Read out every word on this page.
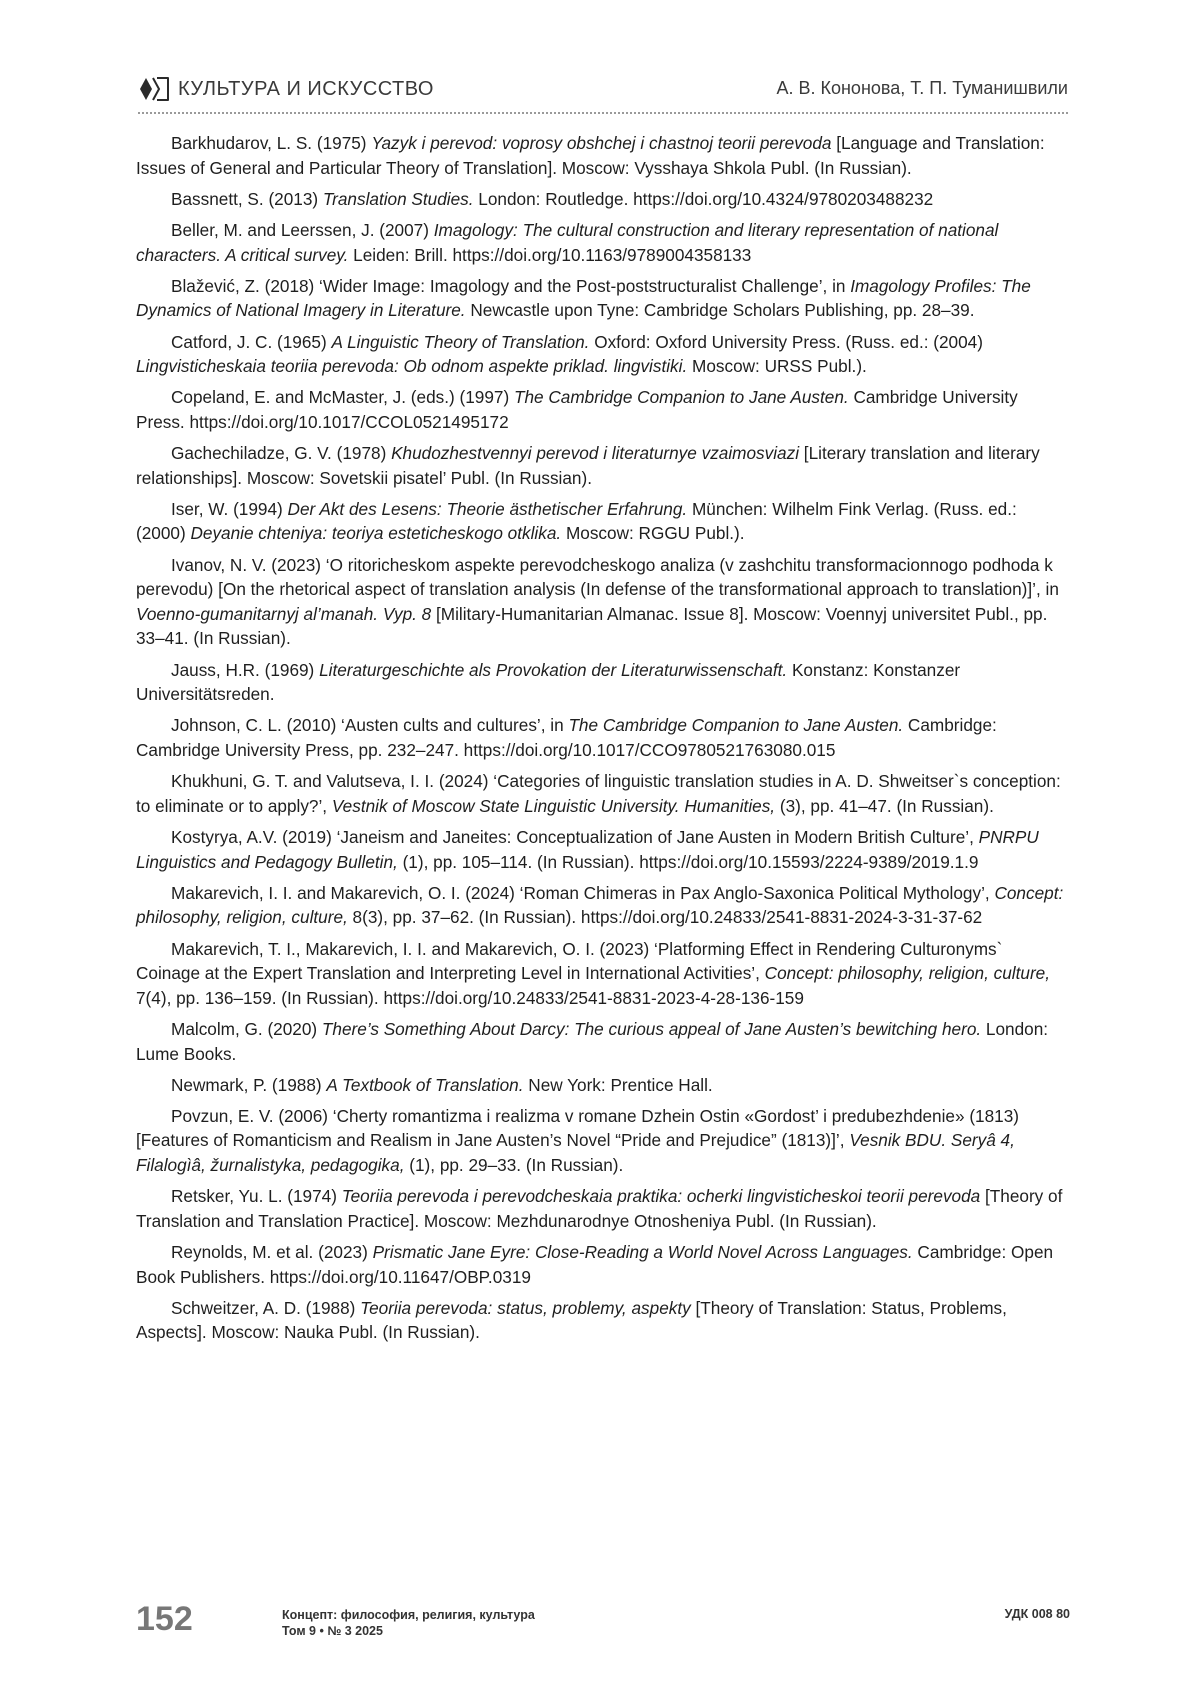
КУЛЬТУРА И ИСКУССТВО	А. В. Кононова, Т. П. Туманишвили

Barkhudarov, L. S. (1975) Yazyk i perevod: voprosy obshchej i chastnoj teorii perevoda [Language and Translation: Issues of General and Particular Theory of Translation]. Moscow: Vysshaya Shkola Publ. (In Russian).

Bassnett, S. (2013) Translation Studies. London: Routledge. https://doi.org/10.4324/9780203488232

Beller, M. and Leerssen, J. (2007) Imagology: The cultural construction and literary representation of national characters. A critical survey. Leiden: Brill. https://doi.org/10.1163/9789004358133

Blažević, Z. (2018) ‘Wider Image: Imagology and the Post-poststructuralist Challenge’, in Imagology Profiles: The Dynamics of National Imagery in Literature. Newcastle upon Tyne: Cambridge Scholars Publishing, pp. 28–39.

Catford, J. C. (1965) A Linguistic Theory of Translation. Oxford: Oxford University Press. (Russ. ed.: (2004) Lingvisticheskaia teoriia perevoda: Ob odnom aspekte priklad. lingvistiki. Moscow: URSS Publ.).

Copeland, E. and McMaster, J. (eds.) (1997) The Cambridge Companion to Jane Austen. Cambridge University Press. https://doi.org/10.1017/CCOL0521495172

Gachechiladze, G. V. (1978) Khudozhestvennyi perevod i literaturnye vzaimosviazi [Literary translation and literary relationships]. Moscow: Sovetskii pisatel’ Publ. (In Russian).

Iser, W. (1994) Der Akt des Lesens: Theorie ästhetischer Erfahrung. München: Wilhelm Fink Verlag. (Russ. ed.: (2000) Deyanie chteniya: teoriya esteticheskogo otklika. Moscow: RGGU Publ.).

Ivanov, N. V. (2023) ‘O ritoricheskom aspekte perevodcheskogo analiza (v zashchitu transformacionnogo podhoda k perevodu) [On the rhetorical aspect of translation analysis (In defense of the transformational approach to translation)]’, in Voenno-gumanitarnyj al’manah. Vyp. 8 [Military-Humanitarian Almanac. Issue 8]. Moscow: Voennyj universitet Publ., pp. 33–41. (In Russian).

Jauss, H.R. (1969) Literaturgeschichte als Provokation der Literaturwissenschaft. Konstanz: Konstanzer Universitätsreden.

Johnson, C. L. (2010) ‘Austen cults and cultures’, in The Cambridge Companion to Jane Austen. Cambridge: Cambridge University Press, pp. 232–247. https://doi.org/10.1017/CCO9780521763080.015

Khukhuni, G. T. and Valutseva, I. I. (2024) ‘Categories of linguistic translation studies in A. D. Shweitser`s conception: to eliminate or to apply?’, Vestnik of Moscow State Linguistic University. Humanities, (3), pp. 41–47. (In Russian).

Kostyrya, A.V. (2019) ‘Janeism and Janeites: Conceptualization of Jane Austen in Modern British Culture’, PNRPU Linguistics and Pedagogy Bulletin, (1), pp. 105–114. (In Russian). https://doi.org/10.15593/2224-9389/2019.1.9

Makarevich, I. I. and Makarevich, O. I. (2024) ‘Roman Chimeras in Pax Anglo-Saxonica Political Mythology’, Concept: philosophy, religion, culture, 8(3), pp. 37–62. (In Russian). https://doi.org/10.24833/2541-8831-2024-3-31-37-62

Makarevich, T. I., Makarevich, I. I. and Makarevich, O. I. (2023) ‘Platforming Effect in Rendering Culturonyms` Coinage at the Expert Translation and Interpreting Level in International Activities’, Concept: philosophy, religion, culture, 7(4), pp. 136–159. (In Russian). https://doi.org/10.24833/2541-8831-2023-4-28-136-159

Malcolm, G. (2020) There’s Something About Darcy: The curious appeal of Jane Austen’s bewitching hero. London: Lume Books.

Newmark, P. (1988) A Textbook of Translation. New York: Prentice Hall.

Povzun, E. V. (2006) ‘Cherty romantizma i realizma v romane Dzhein Ostin «Gordost’ i predubezhdenie» (1813) [Features of Romanticism and Realism in Jane Austen’s Novel “Pride and Prejudice” (1813)]’, Vesnik BDU. Seryâ 4, Filalogìâ, žurnalistyka, pedagogika, (1), pp. 29–33. (In Russian).

Retsker, Yu. L. (1974) Teoriia perevoda i perevodcheskaia praktika: ocherki lingvisticheskoi teorii perevoda [Theory of Translation and Translation Practice]. Moscow: Mezhdunarodnye Otnosheniya Publ. (In Russian).

Reynolds, M. et al. (2023) Prismatic Jane Eyre: Close-Reading a World Novel Across Languages. Cambridge: Open Book Publishers. https://doi.org/10.11647/OBP.0319

Schweitzer, A. D. (1988) Teoriia perevoda: status, problemy, aspekty [Theory of Translation: Status, Problems, Aspects]. Moscow: Nauka Publ. (In Russian).

152	Концепт: философия, религия, культура
Том 9 • № 3 2025
УДК 008 80
